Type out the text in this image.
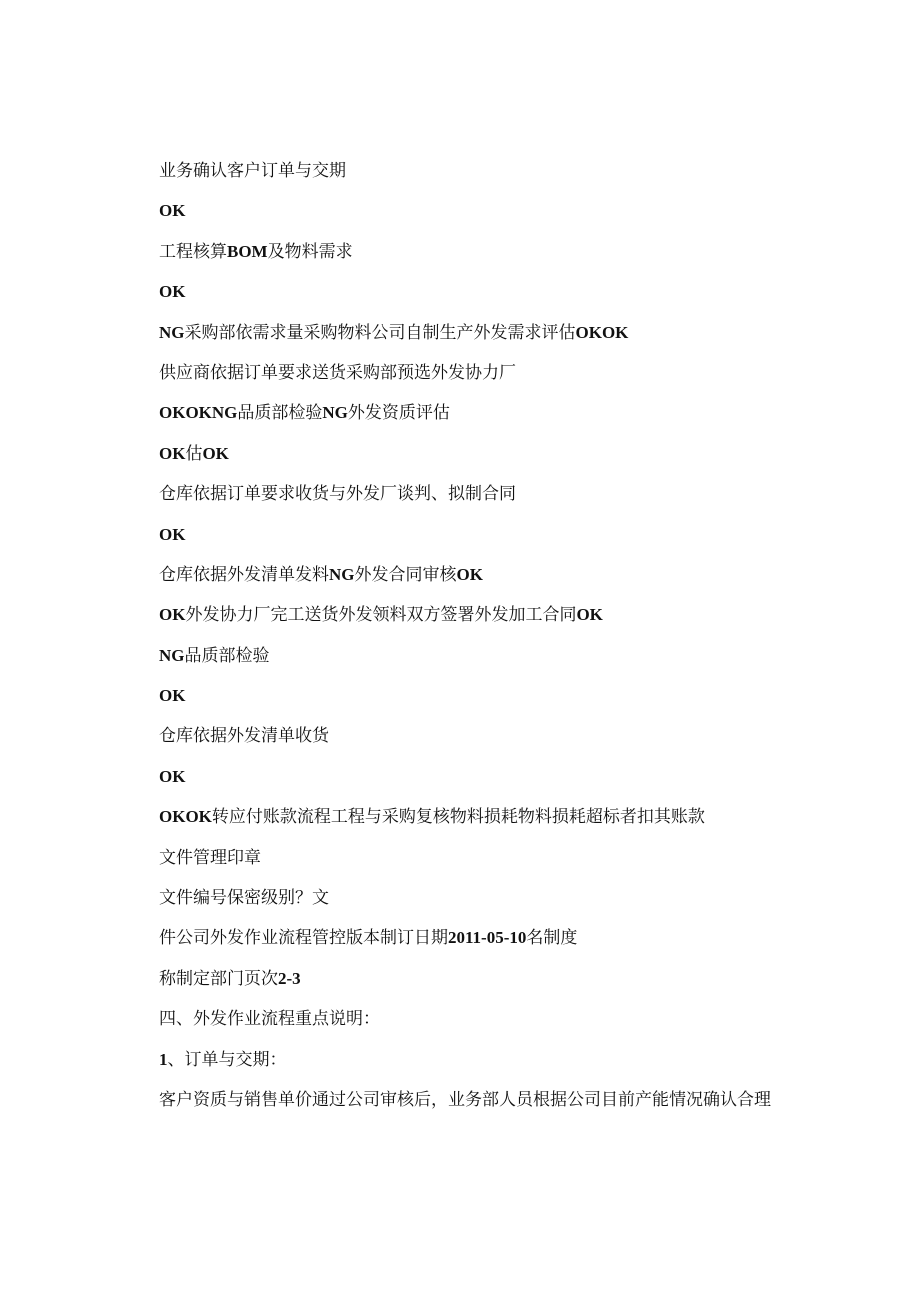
业务确认客户订单与交期
OK
工程核算BOM及物料需求
OK
NG采购部依需求量采购物料公司自制生产外发需求评估OKOK
供应商依据订单要求送货采购部预选外发协力厂
OKOKNG品质部检验NG外发资质评估
OK估OK
仓库依据订单要求收货与外发厂谈判、拟制合同
OK
仓库依据外发清单发料NG外发合同审核OK
OK外发协力厂完工送货外发领料双方签署外发加工合同OK
NG品质部检验
OK
仓库依据外发清单收货
OK
OKOK转应付账款流程工程与采购复核物料损耗物料损耗超标者扣其账款
文件管理印章
文件编号保密级别？文
件公司外发作业流程管控版本制订日期2011-05-10名制度
称制定部门页次2-3
四、外发作业流程重点说明：
1、订单与交期：
客户资质与销售单价通过公司审核后，业务部人员根据公司目前产能情况确认合理
